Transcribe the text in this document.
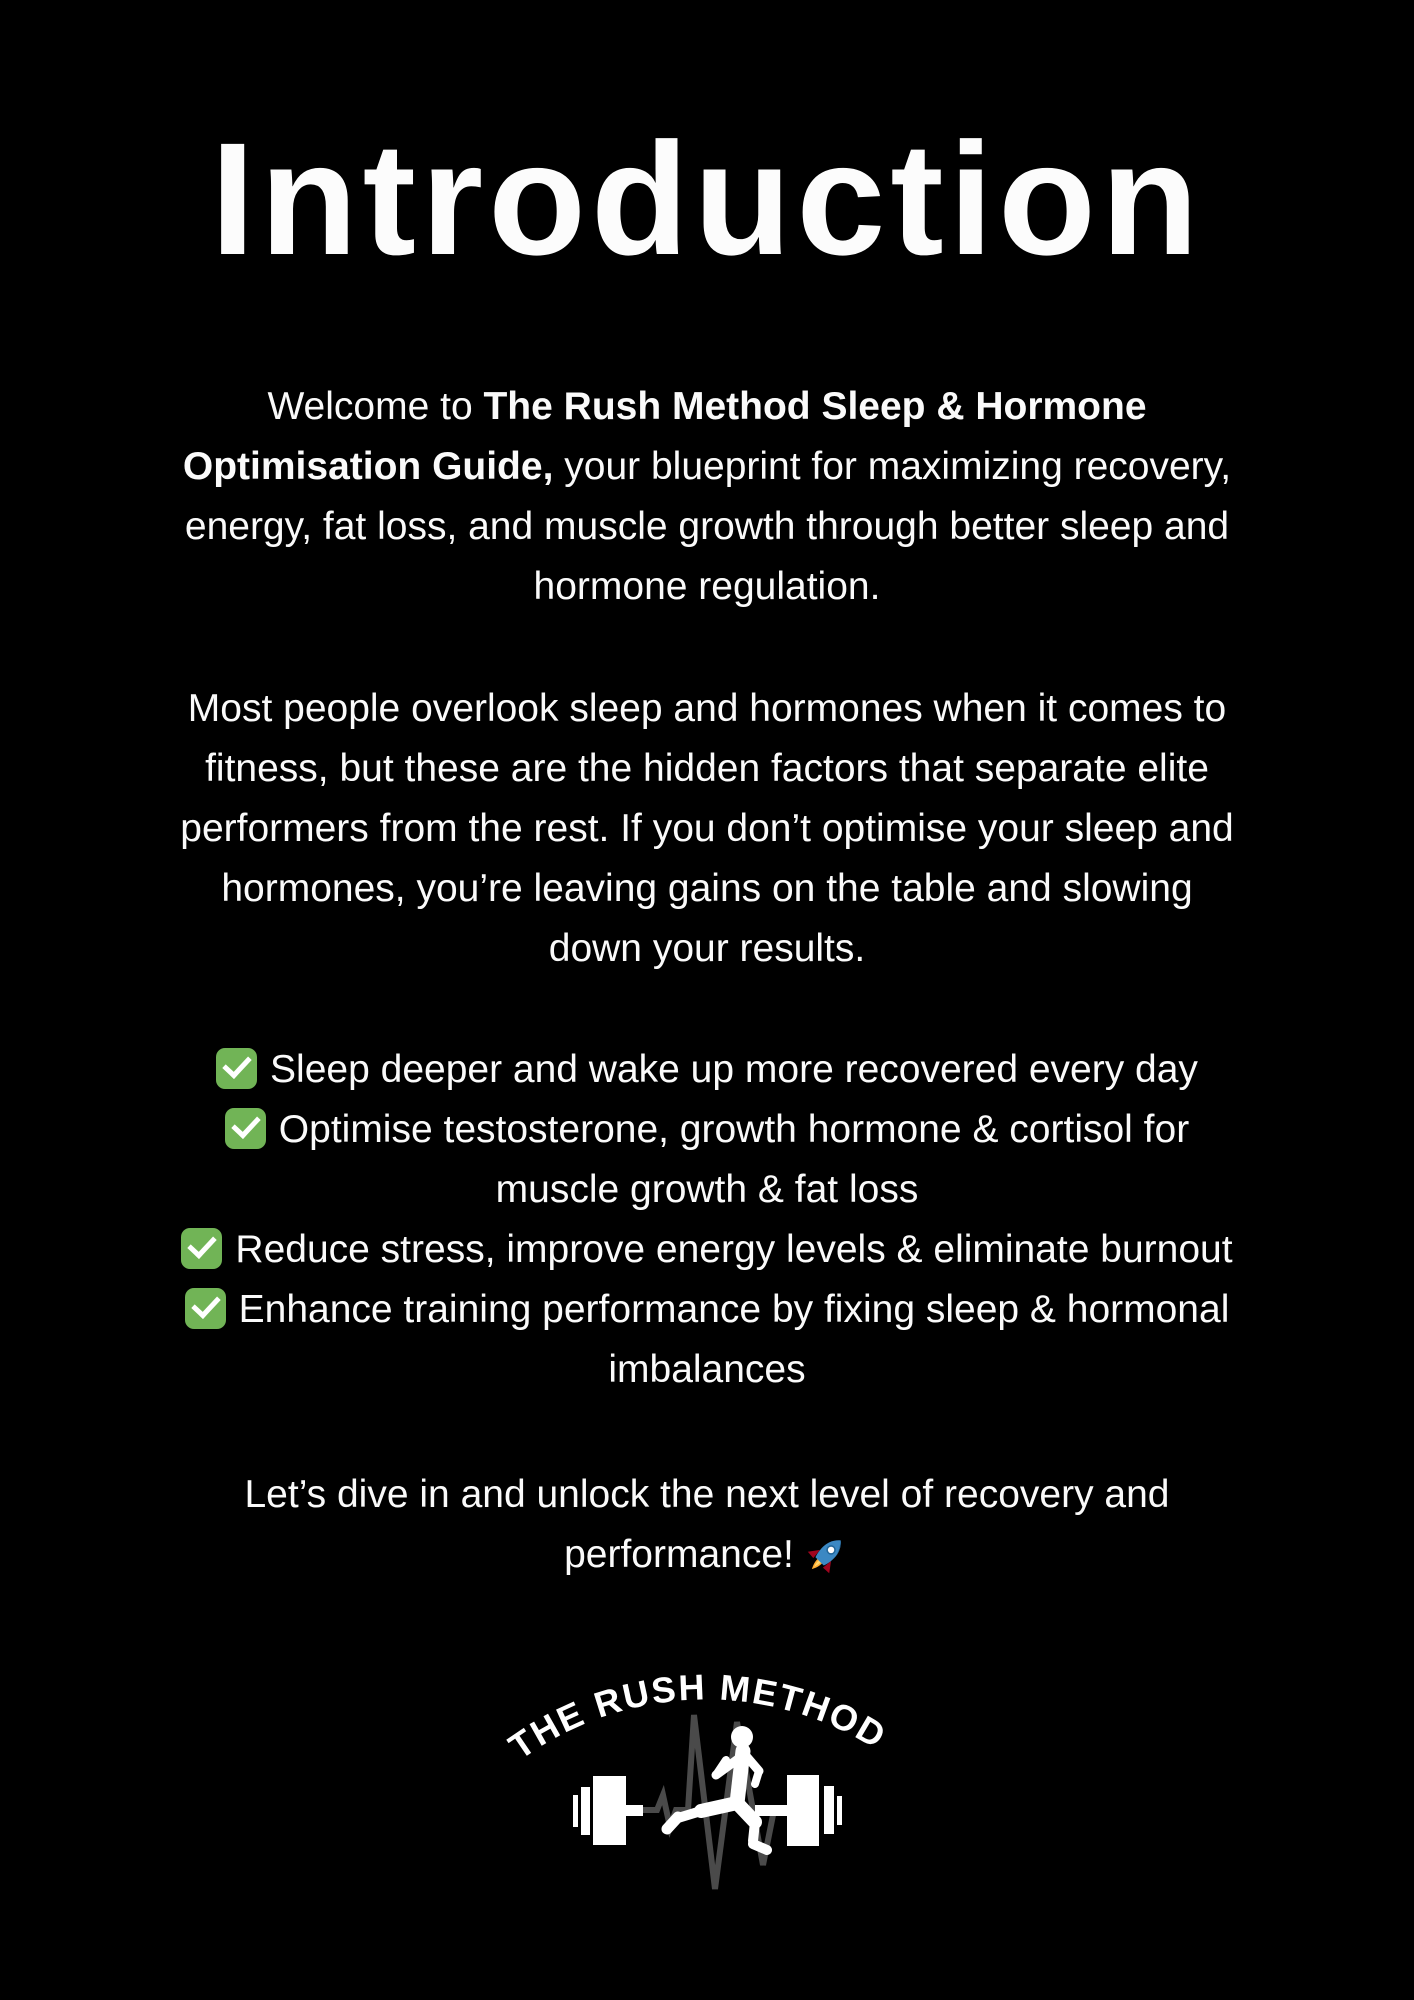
Introduction
Welcome to The Rush Method Sleep & Hormone
Optimisation Guide, your blueprint for maximizing recovery,
energy, fat loss, and muscle growth through better sleep and
hormone regulation.
Most people overlook sleep and hormones when it comes to
fitness, but these are the hidden factors that separate elite
performers from the rest. If you don’t optimise your sleep and
hormones, you’re leaving gains on the table and slowing
down your results.
Sleep deeper and wake up more recovered every day
Optimise testosterone, growth hormone & cortisol for
muscle growth & fat loss
Reduce stress, improve energy levels & eliminate burnout
Enhance training performance by fixing sleep & hormonal
imbalances
Let’s dive in and unlock the next level of recovery and
performance!
THE RUSH METHOD
